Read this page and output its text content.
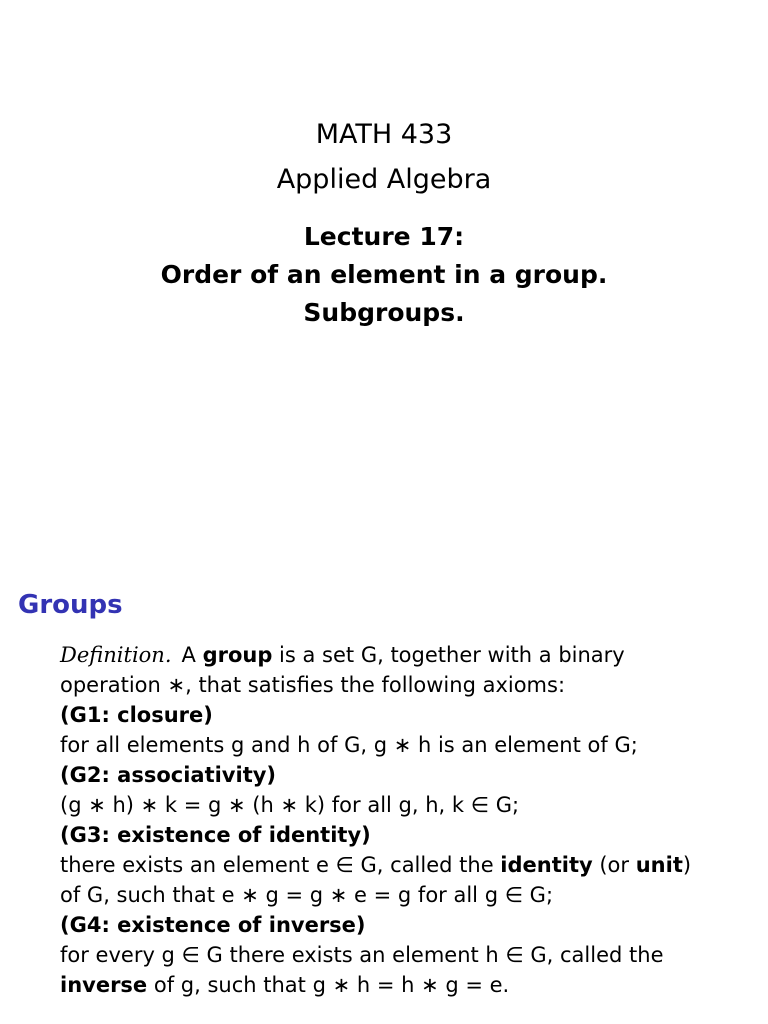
MATH 433
Applied Algebra
Lecture 17:
Order of an element in a group.
Subgroups.
Groups
Definition. A group is a set G, together with a binary
operation ∗, that satisfies the following axioms:
(G1: closure)
for all elements g and h of G, g ∗ h is an element of G;
(G2: associativity)
(g ∗ h) ∗ k = g ∗ (h ∗ k) for all g, h, k ∈ G;
(G3: existence of identity)
there exists an element e ∈ G, called the identity (or unit)
of G, such that e ∗ g = g ∗ e = g for all g ∈ G;
(G4: existence of inverse)
for every g ∈ G there exists an element h ∈ G, called the
inverse of g, such that g ∗ h = h ∗ g = e.
